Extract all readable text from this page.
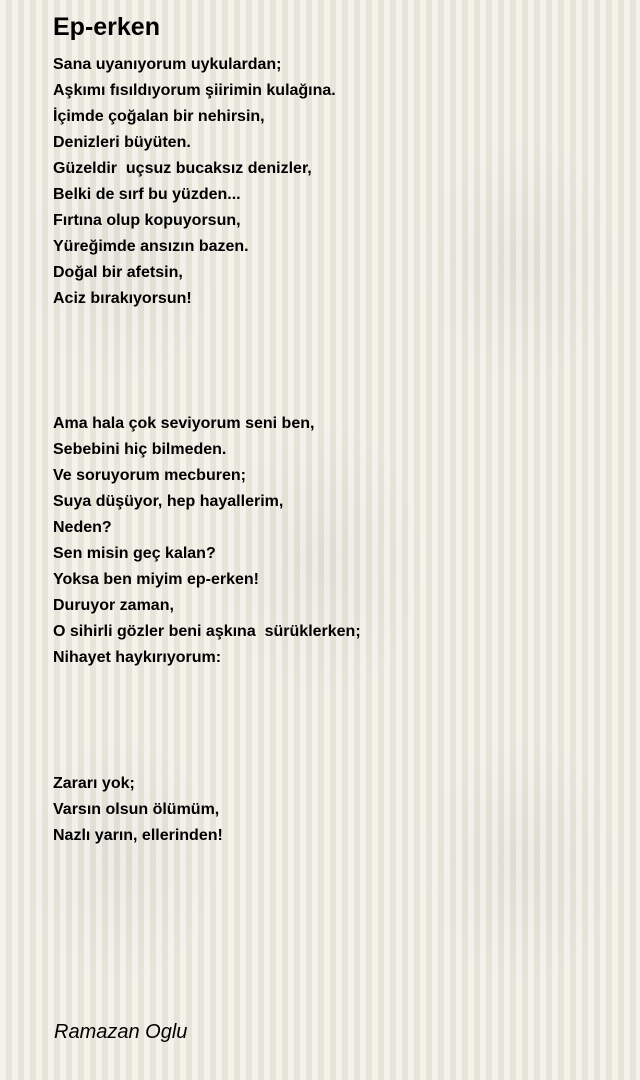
Ep-erken
Sana uyanıyorum uykulardan;
Aşkımı fısıldıyorum şiirimin kulağına.
İçimde çoğalan bir nehirsin,
Denizleri büyüten.
Güzeldir  uçsuz bucaksız denizler,
Belki de sırf bu yüzden...
Fırtına olup kopuyorsun,
Yüreğimde ansızın bazen.
Doğal bir afetsin,
Aciz bırakıyorsun!
Ama hala çok seviyorum seni ben,
Sebebini hiç bilmeden.
Ve soruyorum mecburen;
Suya düşüyor, hep hayallerim,
Neden?
Sen misin geç kalan?
Yoksa ben miyim ep-erken!
Duruyor zaman,
O sihirli gözler beni aşkına  sürüklerken;
Nihayet haykırıyorum:
Zararı yok;
Varsın olsun ölümüm,
Nazlı yarın, ellerinden!

Ramazan Oglu
